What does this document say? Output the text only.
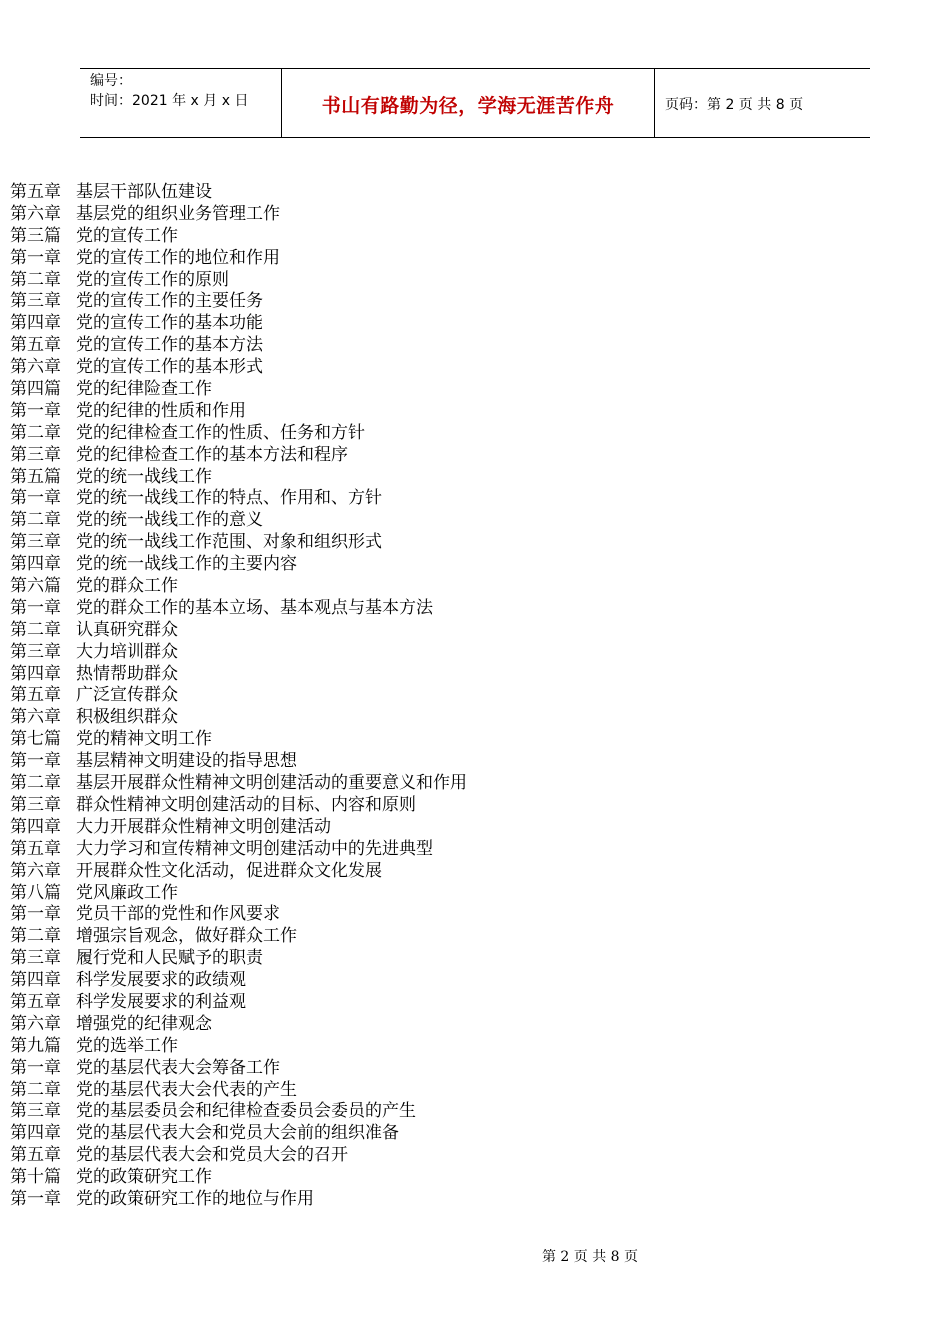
编号：
时间：2021 年 x 月 x 日	书山有路勤为径，学海无涯苦作舟	页码：第 2 页 共 8 页
第五章 基层干部队伍建设
第六章 基层党的组织业务管理工作
第三篇 党的宣传工作
第一章 党的宣传工作的地位和作用
第二章 党的宣传工作的原则
第三章 党的宣传工作的主要任务
第四章 党的宣传工作的基本功能
第五章 党的宣传工作的基本方法
第六章 党的宣传工作的基本形式
第四篇 党的纪律险查工作
第一章 党的纪律的性质和作用
第二章 党的纪律检查工作的性质、任务和方针
第三章 党的纪律检查工作的基本方法和程序
第五篇 党的统一战线工作
第一章 党的统一战线工作的特点、作用和、方针
第二章 党的统一战线工作的意义
第三章 党的统一战线工作范围、对象和组织形式
第四章 党的统一战线工作的主要内容
第六篇 党的群众工作
第一章 党的群众工作的基本立场、基本观点与基本方法
第二章 认真研究群众
第三章 大力培训群众
第四章 热情帮助群众
第五章 广泛宣传群众
第六章 积极组织群众
第七篇 党的精神文明工作
第一章 基层精神文明建设的指导思想
第二章 基层开展群众性精神文明创建活动的重要意义和作用
第三章 群众性精神文明创建活动的目标、内容和原则
第四章 大力开展群众性精神文明创建活动
第五章 大力学习和宣传精神文明创建活动中的先进典型
第六章 开展群众性文化活动，促进群众文化发展
第八篇 党风廉政工作
第一章 党员干部的党性和作风要求
第二章 增强宗旨观念，做好群众工作
第三章 履行党和人民赋予的职责
第四章 科学发展要求的政绩观
第五章 科学发展要求的利益观
第六章 增强党的纪律观念
第九篇 党的选举工作
第一章 党的基层代表大会筹备工作
第二章 党的基层代表大会代表的产生
第三章 党的基层委员会和纪律检查委员会委员的产生
第四章 党的基层代表大会和党员大会前的组织准备
第五章 党的基层代表大会和党员大会的召开
第十篇 党的政策研究工作
第一章 党的政策研究工作的地位与作用
第 2 页 共 8 页
